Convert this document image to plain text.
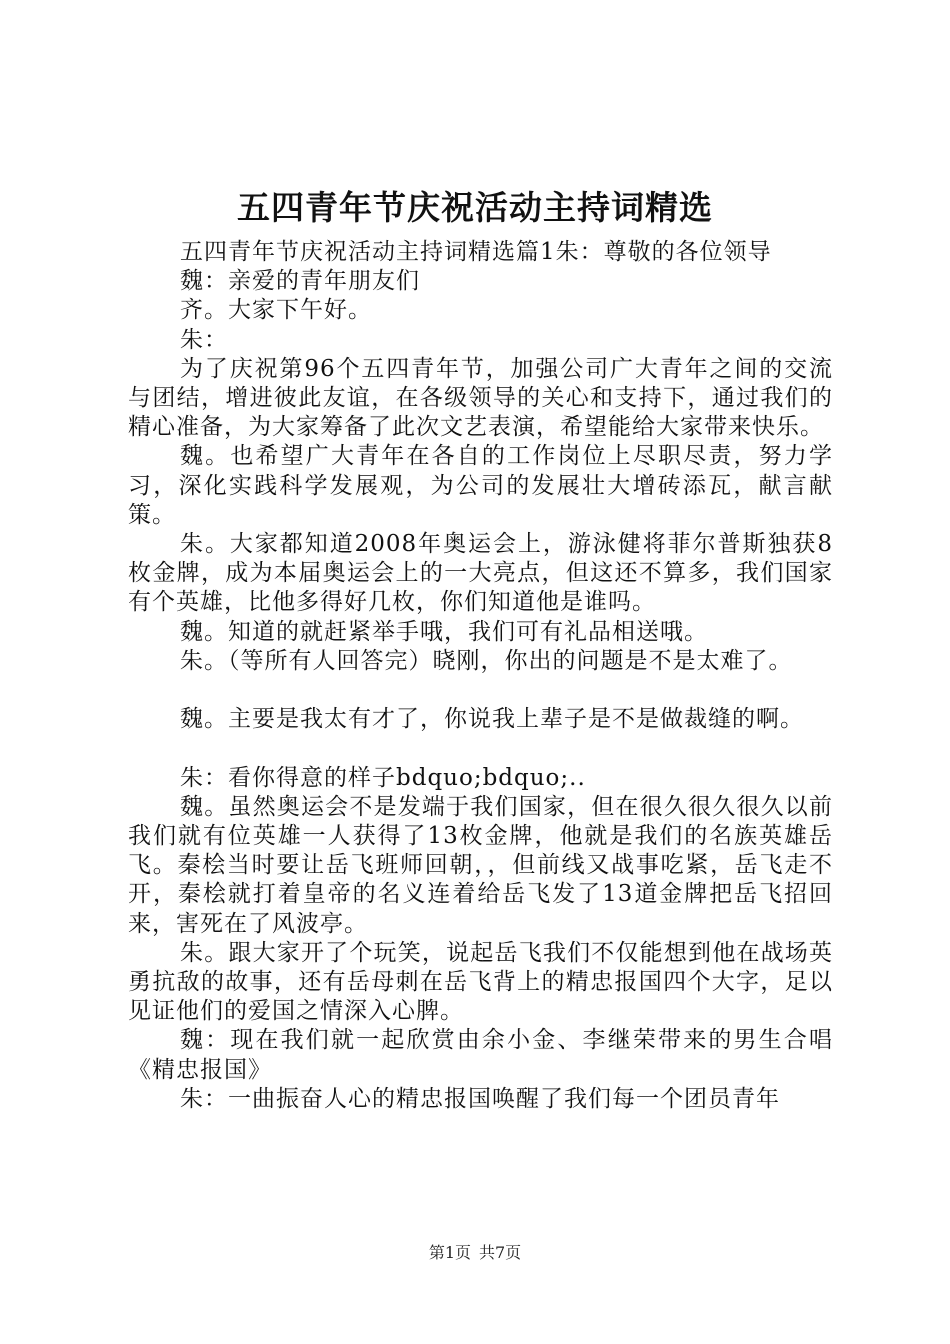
五四青年节庆祝活动主持词精选

五四青年节庆祝活动主持词精选篇1朱：尊敬的各位领导

魏：亲爱的青年朋友们

齐。大家下午好。

朱：

为了庆祝第96个五四青年节，加强公司广大青年之间的交流与团结，增进彼此友谊，在各级领导的关心和支持下，通过我们的精心准备，为大家筹备了此次文艺表演，希望能给大家带来快乐。

魏。也希望广大青年在各自的工作岗位上尽职尽责，努力学习，深化实践科学发展观，为公司的发展壮大增砖添瓦，献言献策。

朱。大家都知道2008年奥运会上，游泳健将菲尔普斯独获8枚金牌，成为本届奥运会上的一大亮点，但这还不算多，我们国家有个英雄，比他多得好几枚，你们知道他是谁吗。

魏。知道的就赶紧举手哦，我们可有礼品相送哦。

朱。（等所有人回答完）晓刚，你出的问题是不是太难了。

魏。主要是我太有才了，你说我上辈子是不是做裁缝的啊。

朱：看你得意的样子bdquo;bdquo;..

魏。虽然奥运会不是发端于我们国家，但在很久很久很久以前我们就有位英雄一人获得了13枚金牌，他就是我们的名族英雄岳飞。秦桧当时要让岳飞班师回朝，，但前线又战事吃紧，岳飞走不开，秦桧就打着皇帝的名义连着给岳飞发了13道金牌把岳飞招回来，害死在了风波亭。

朱。跟大家开了个玩笑，说起岳飞我们不仅能想到他在战场英勇抗敌的故事，还有岳母刺在岳飞背上的精忠报国四个大字，足以见证他们的爱国之情深入心脾。

魏：现在我们就一起欣赏由余小金、李继荣带来的男生合唱《精忠报国》

朱：一曲振奋人心的精忠报国唤醒了我们每一个团员青年

第1页 共7页
